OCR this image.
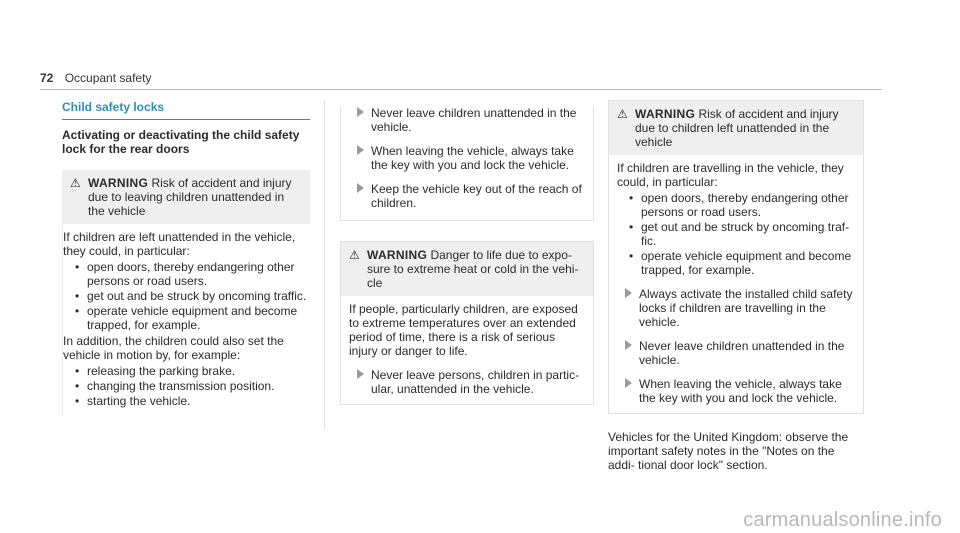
72 Occupant safety
Child safety locks
Activating or deactivating the child safety lock for the rear doors
⚠ WARNING Risk of accident and injury due to leaving children unattended in the vehicle

If children are left unattended in the vehicle, they could, in particular:

• open doors, thereby endangering other persons or road users.
• get out and be struck by oncoming traffic.
• operate vehicle equipment and become trapped, for example.

In addition, the children could also set the vehicle in motion by, for example:

• releasing the parking brake.
• changing the transmission position.
• starting the vehicle.
Never leave children unattended in the vehicle.
When leaving the vehicle, always take the key with you and lock the vehicle.
Keep the vehicle key out of the reach of children.
⚠ WARNING Danger to life due to expo- sure to extreme heat or cold in the vehi- cle

If people, particularly children, are exposed to extreme temperatures over an extended period of time, there is a risk of serious injury or danger to life.

Never leave persons, children in partic- ular, unattended in the vehicle.
⚠ WARNING Risk of accident and injury due to children left unattended in the vehicle

If children are travelling in the vehicle, they could, in particular:

• open doors, thereby endangering other persons or road users.
• get out and be struck by oncoming traf- fic.
• operate vehicle equipment and become trapped, for example.
Always activate the installed child safety locks if children are travelling in the vehicle.
Never leave children unattended in the vehicle.
When leaving the vehicle, always take the key with you and lock the vehicle.
Vehicles for the United Kingdom: observe the important safety notes in the "Notes on the addi- tional door lock" section.
carmanualsonline.info
